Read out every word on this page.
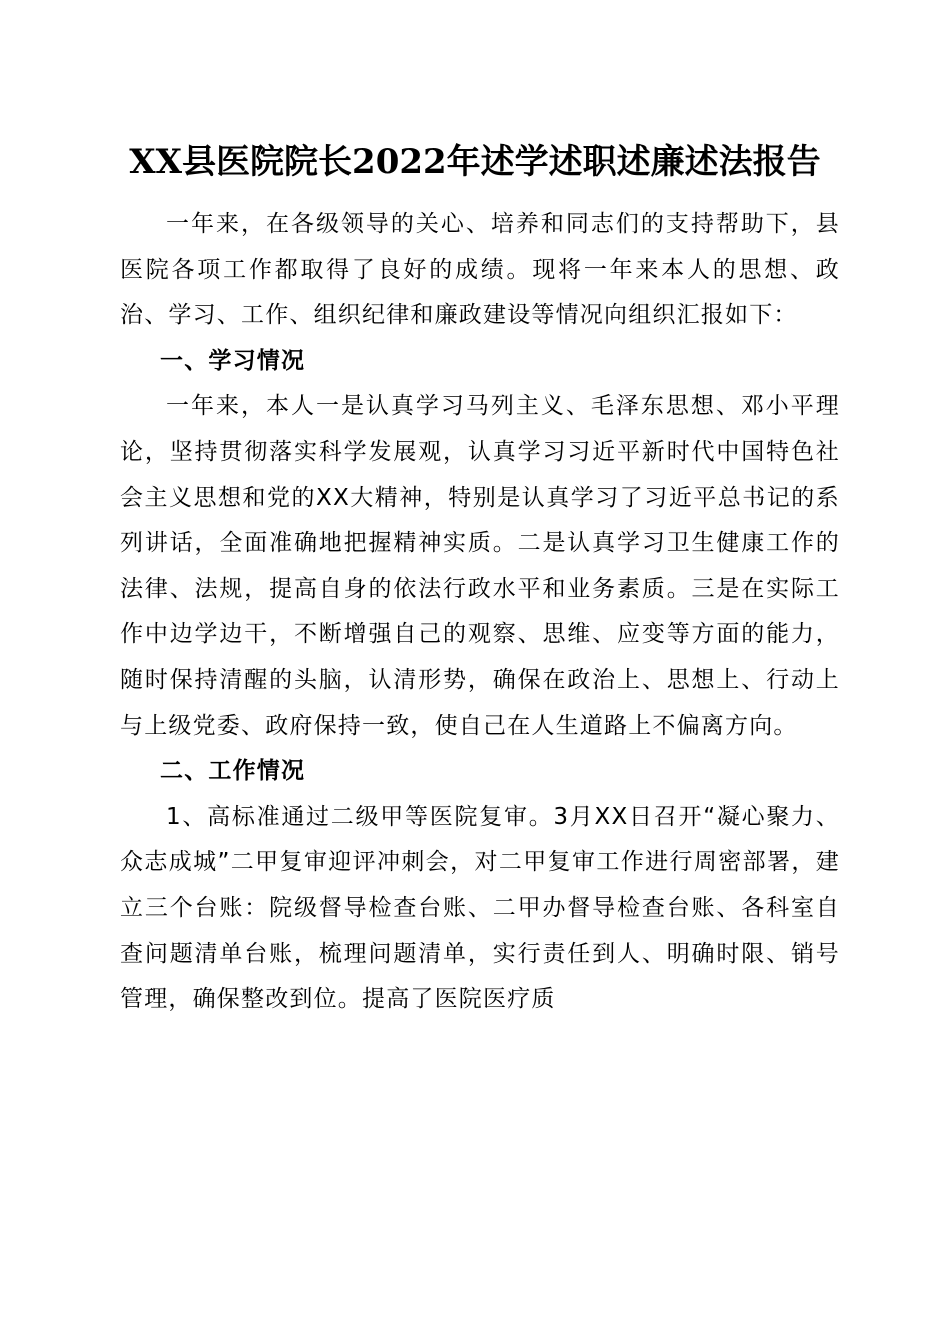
XX县医院院长2022年述学述职述廉述法报告

一年来，在各级领导的关心、培养和同志们的支持帮助下，县医院各项工作都取得了良好的成绩。现将一年来本人的思想、政治、学习、工作、组织纪律和廉政建设等情况向组织汇报如下：

一、学习情况

一年来，本人一是认真学习马列主义、毛泽东思想、邓小平理论，坚持贯彻落实科学发展观，认真学习习近平新时代中国特色社会主义思想和党的XX大精神，特别是认真学习了习近平总书记的系列讲话，全面准确地把握精神实质。二是认真学习卫生健康工作的法律、法规，提高自身的依法行政水平和业务素质。三是在实际工作中边学边干，不断增强自己的观察、思维、应变等方面的能力，随时保持清醒的头脑，认清形势，确保在政治上、思想上、行动上与上级党委、政府保持一致，使自己在人生道路上不偏离方向。

二、工作情况

1、高标准通过二级甲等医院复审。3月XX日召开“凝心聚力、众志成城”二甲复审迎评冲刺会，对二甲复审工作进行周密部署，建立三个台账：院级督导检查台账、二甲办督导检查台账、各科室自查问题清单台账，梳理问题清单，实行责任到人、明确时限、销号管理，确保整改到位。提高了医院医疗质
